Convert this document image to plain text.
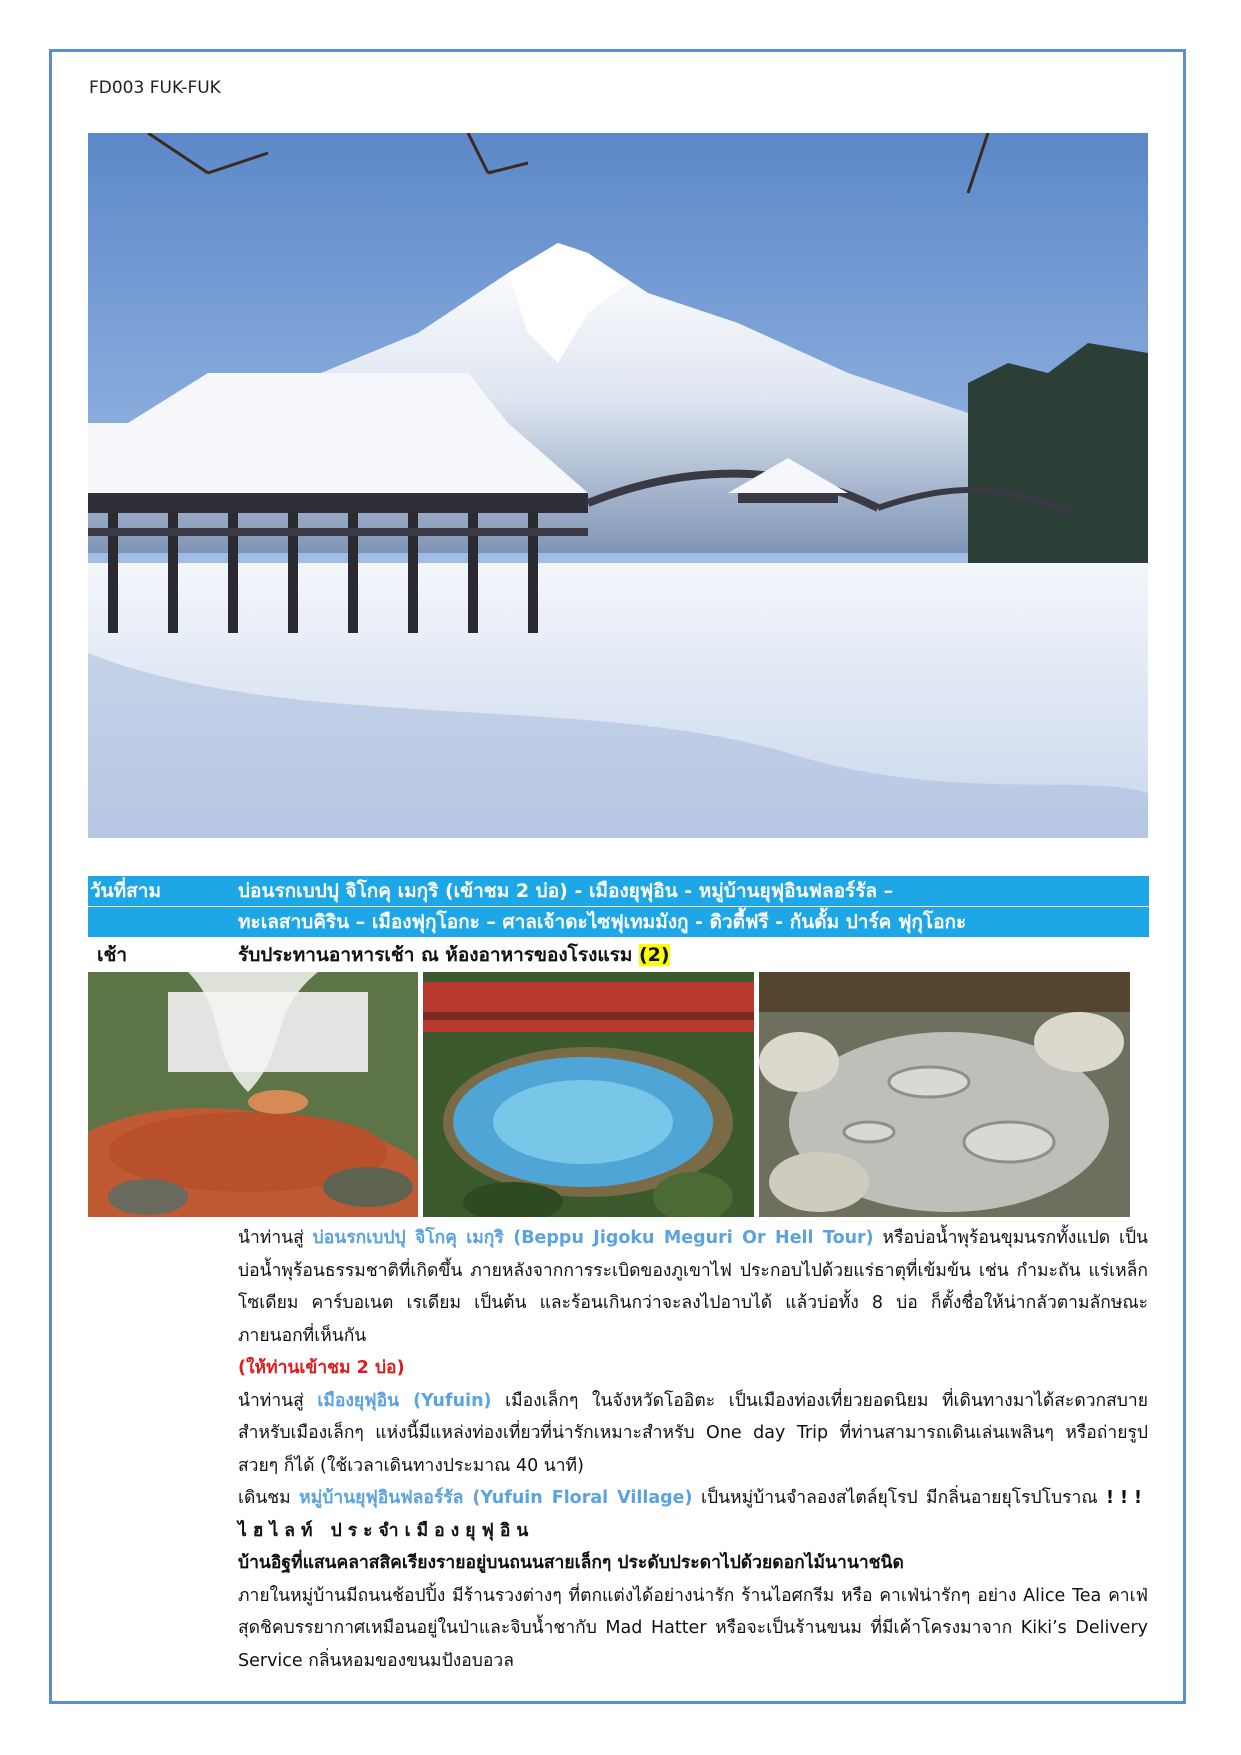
FD003 FUK-FUK
วันที่สาม	บ่อนรกเบปปุ จิโกคุ เมกุริ (เข้าชม 2 บ่อ) - เมืองยุฟุอิน - หมู่บ้านยุฟุอินฟลอร์รัล –
ทะเลสาบคิริน – เมืองฟุกุโอกะ – ศาลเจ้าดะไซฟุเทมมังกู - ดิวตี้ฟรี - กันดั้ม ปาร์ค ฟุกุโอกะ
เช้า	รับประทานอาหารเช้า ณ ห้องอาหารของโรงแรม (2)

นำท่านสู่ บ่อนรกเบปปุ จิโกคุ เมกุริ (Beppu Jigoku Meguri Or Hell Tour) หรือบ่อน้ำพุร้อนขุมนรกทั้งแปด เป็นบ่อน้ำพุร้อนธรรมชาติที่เกิดขึ้น ภายหลังจากการระเบิดของภูเขาไฟ ประกอบไปด้วยแร่ธาตุที่เข้มข้น เช่น กำมะถัน แร่เหล็ก โซเดียม คาร์บอเนต เรเดียม เป็นต้น และร้อนเกินกว่าจะลงไปอาบได้ แล้วบ่อทั้ง 8 บ่อ ก็ตั้งชื่อให้น่ากลัวตามลักษณะภายนอกที่เห็นกัน

(ให้ท่านเข้าชม 2 บ่อ)

นำท่านสู่ เมืองยุฟุอิน (Yufuin) เมืองเล็กๆ ในจังหวัดโออิตะ เป็นเมืองท่องเที่ยวยอดนิยม ที่เดินทางมาได้สะดวกสบาย สำหรับเมืองเล็กๆ แห่งนี้มีแหล่งท่องเที่ยวที่น่ารักเหมาะสำหรับ One day Trip ที่ท่านสามารถเดินเล่นเพลินๆ หรือถ่ายรูปสวยๆ ก็ได้ (ใช้เวลาเดินทางประมาณ 40 นาที)

เดินชม หมู่บ้านยุฟุอินฟลอร์รัล (Yufuin Floral Village) เป็นหมู่บ้านจำลองสไตล์ยุโรป มีกลิ่นอายยุโรปโบราณ !!!ไฮไลท์ ประจำเมืองยุฟุอิน

บ้านอิฐที่แสนคลาสสิคเรียงรายอยู่บนถนนสายเล็กๆ ประดับประดาไปด้วยดอกไม้นานาชนิด

ภายในหมู่บ้านมีถนนช้อปปิ้ง มีร้านรวงต่างๆ ที่ตกแต่งได้อย่างน่ารัก ร้านไอศกรีม หรือ คาเฟ่น่ารักๆ อย่าง Alice Tea คาเฟ่สุดชิคบรรยากาศเหมือนอยู่ในป่าและจิบน้ำชากับ Mad Hatter หรือจะเป็นร้านขนม ที่มีเค้าโครงมาจาก Kiki’s Delivery Service กลิ่นหอมของขนมปังอบอวล
